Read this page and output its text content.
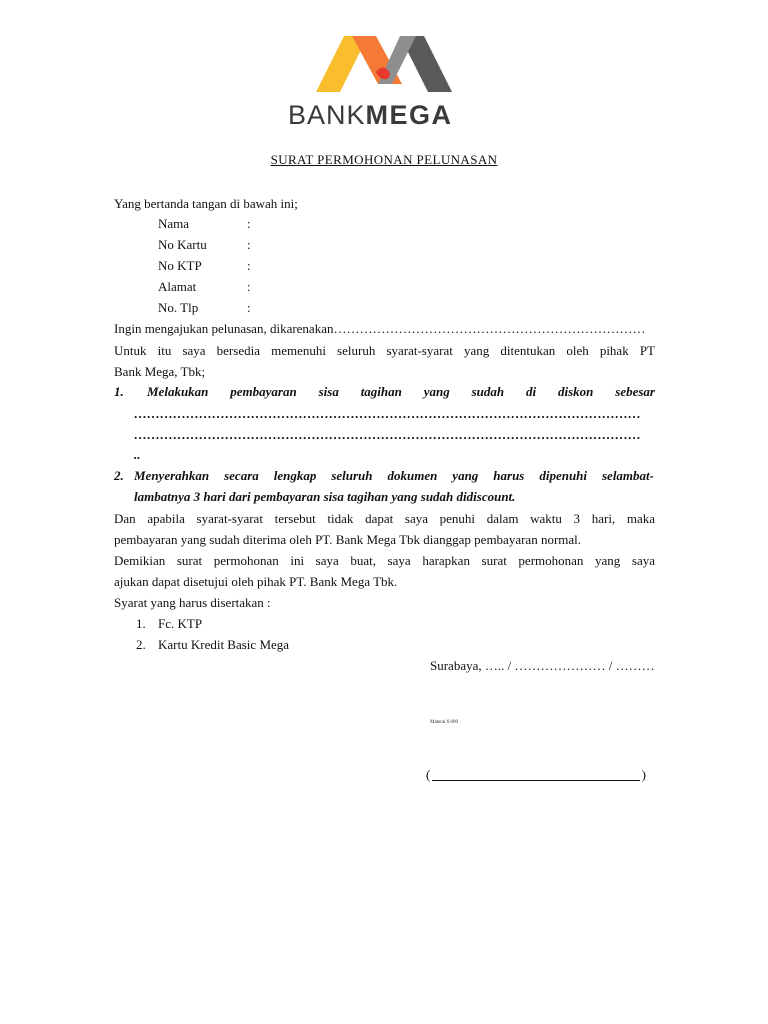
BANKMEGA
SURAT PERMOHONAN PELUNASAN
Yang bertanda tangan di bawah ini;
Nama	:
No Kartu	:
No KTP	:
Alamat	:
No. Tlp	:
Ingin mengajukan pelunasan, dikarenakan………………………………………………………………
Untuk itu saya bersedia memenuhi seluruh syarat-syarat yang ditentukan oleh pihak PT
Bank Mega, Tbk;
1. Melakukan pembayaran sisa tagihan yang sudah di diskon sebesar
………………………………………………………………………………………………………
………………………………………………………………………………………………………
..
2. Menyerahkan secara lengkap seluruh dokumen yang harus dipenuhi selambat-
lambatnya 3 hari dari pembayaran sisa tagihan yang sudah didiscount.
Dan apabila syarat-syarat tersebut tidak dapat saya penuhi dalam waktu 3 hari, maka
pembayaran yang sudah diterima oleh PT. Bank Mega Tbk dianggap pembayaran normal.
Demikian surat permohonan ini saya buat, saya harapkan surat permohonan yang saya
ajukan dapat disetujui oleh pihak PT. Bank Mega Tbk.
Syarat yang harus disertakan :
1. Fc. KTP
2. Kartu Kredit Basic Mega
Surabaya, ….. / ………………… / ………
Materai 6.000
(	)
